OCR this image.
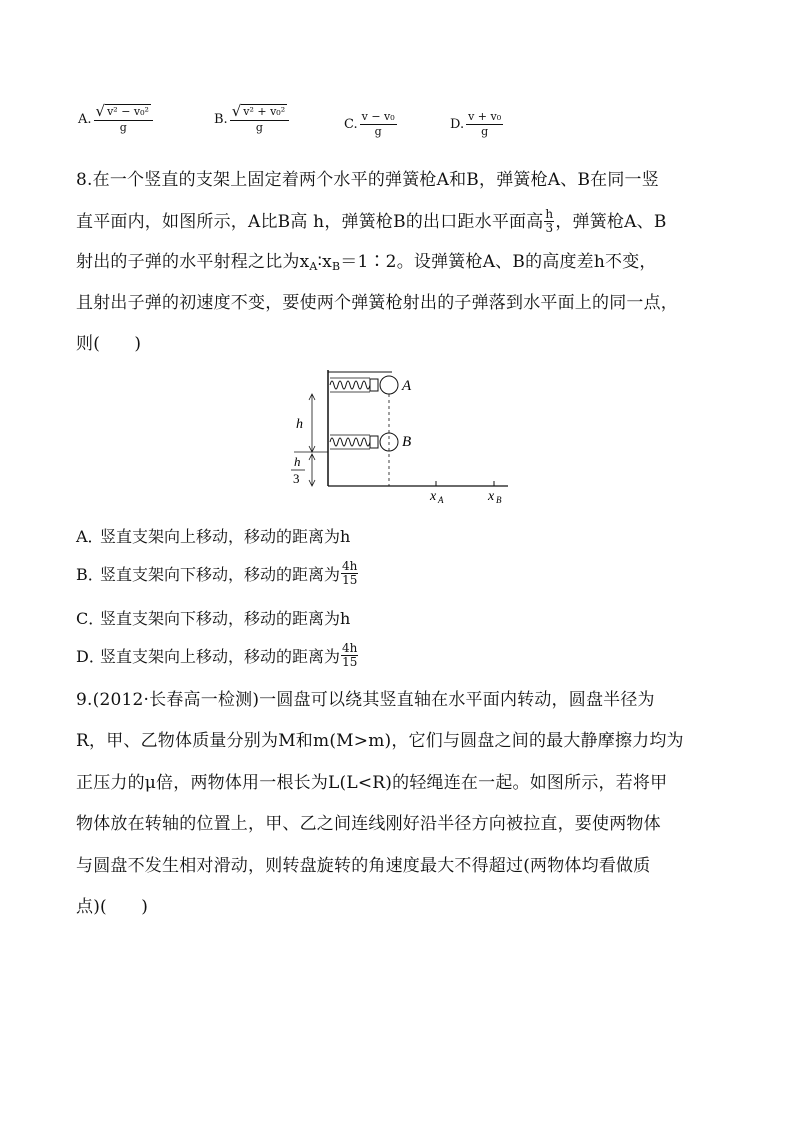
A. $\frac{\text{√ v² − v₀²}}{g}$	B. $\frac{\text{√ v² + v₀²}}{g}$	C. $\frac{\text{v − v₀}}{g}$	D. $\frac{\text{v + v₀}}{g}$
8.在一个竖直的支架上固定着两个水平的弹簧枪A和B，弹簧枪A、B在同一竖
直平面内，如图所示，A比B高 h，弹簧枪B的出口距水平面高 $\frac{h}{3}$ ，弹簧枪A、B
射出的子弹的水平射程之比为$x_A∶x_B=1∶2$。设弹簧枪A、B的高度差h不变，
且射出子弹的初速度不变，要使两个弹簧枪射出的子弹落到水平面上的同一点，
则(　　)
A
B
h
h
3
x A	x B
A．
竖直支架向上移动，移动的距离为h
B．
竖直支架向下移动，移动的距离为 $\frac{4h}{15}$
C．
竖直支架向下移动，移动的距离为h
D．
竖直支架向上移动，移动的距离为 $\frac{4h}{15}$
9.(2012·长春高一检测)一圆盘可以绕其竖直轴在水平面内转动，圆盘半径为
R，甲、乙物体质量分别为M和m(M>m)，它们与圆盘之间的最大静摩擦力均为
正压力的μ倍，两物体用一根长为L(L<R)的轻绳连在一起。如图所示，若将甲
物体放在转轴的位置上，甲、乙之间连线刚好沿半径方向被拉直，要使两物体
与圆盘不发生相对滑动，则转盘旋转的角速度最大不得超过(两物体均看做质
点)(　　)
